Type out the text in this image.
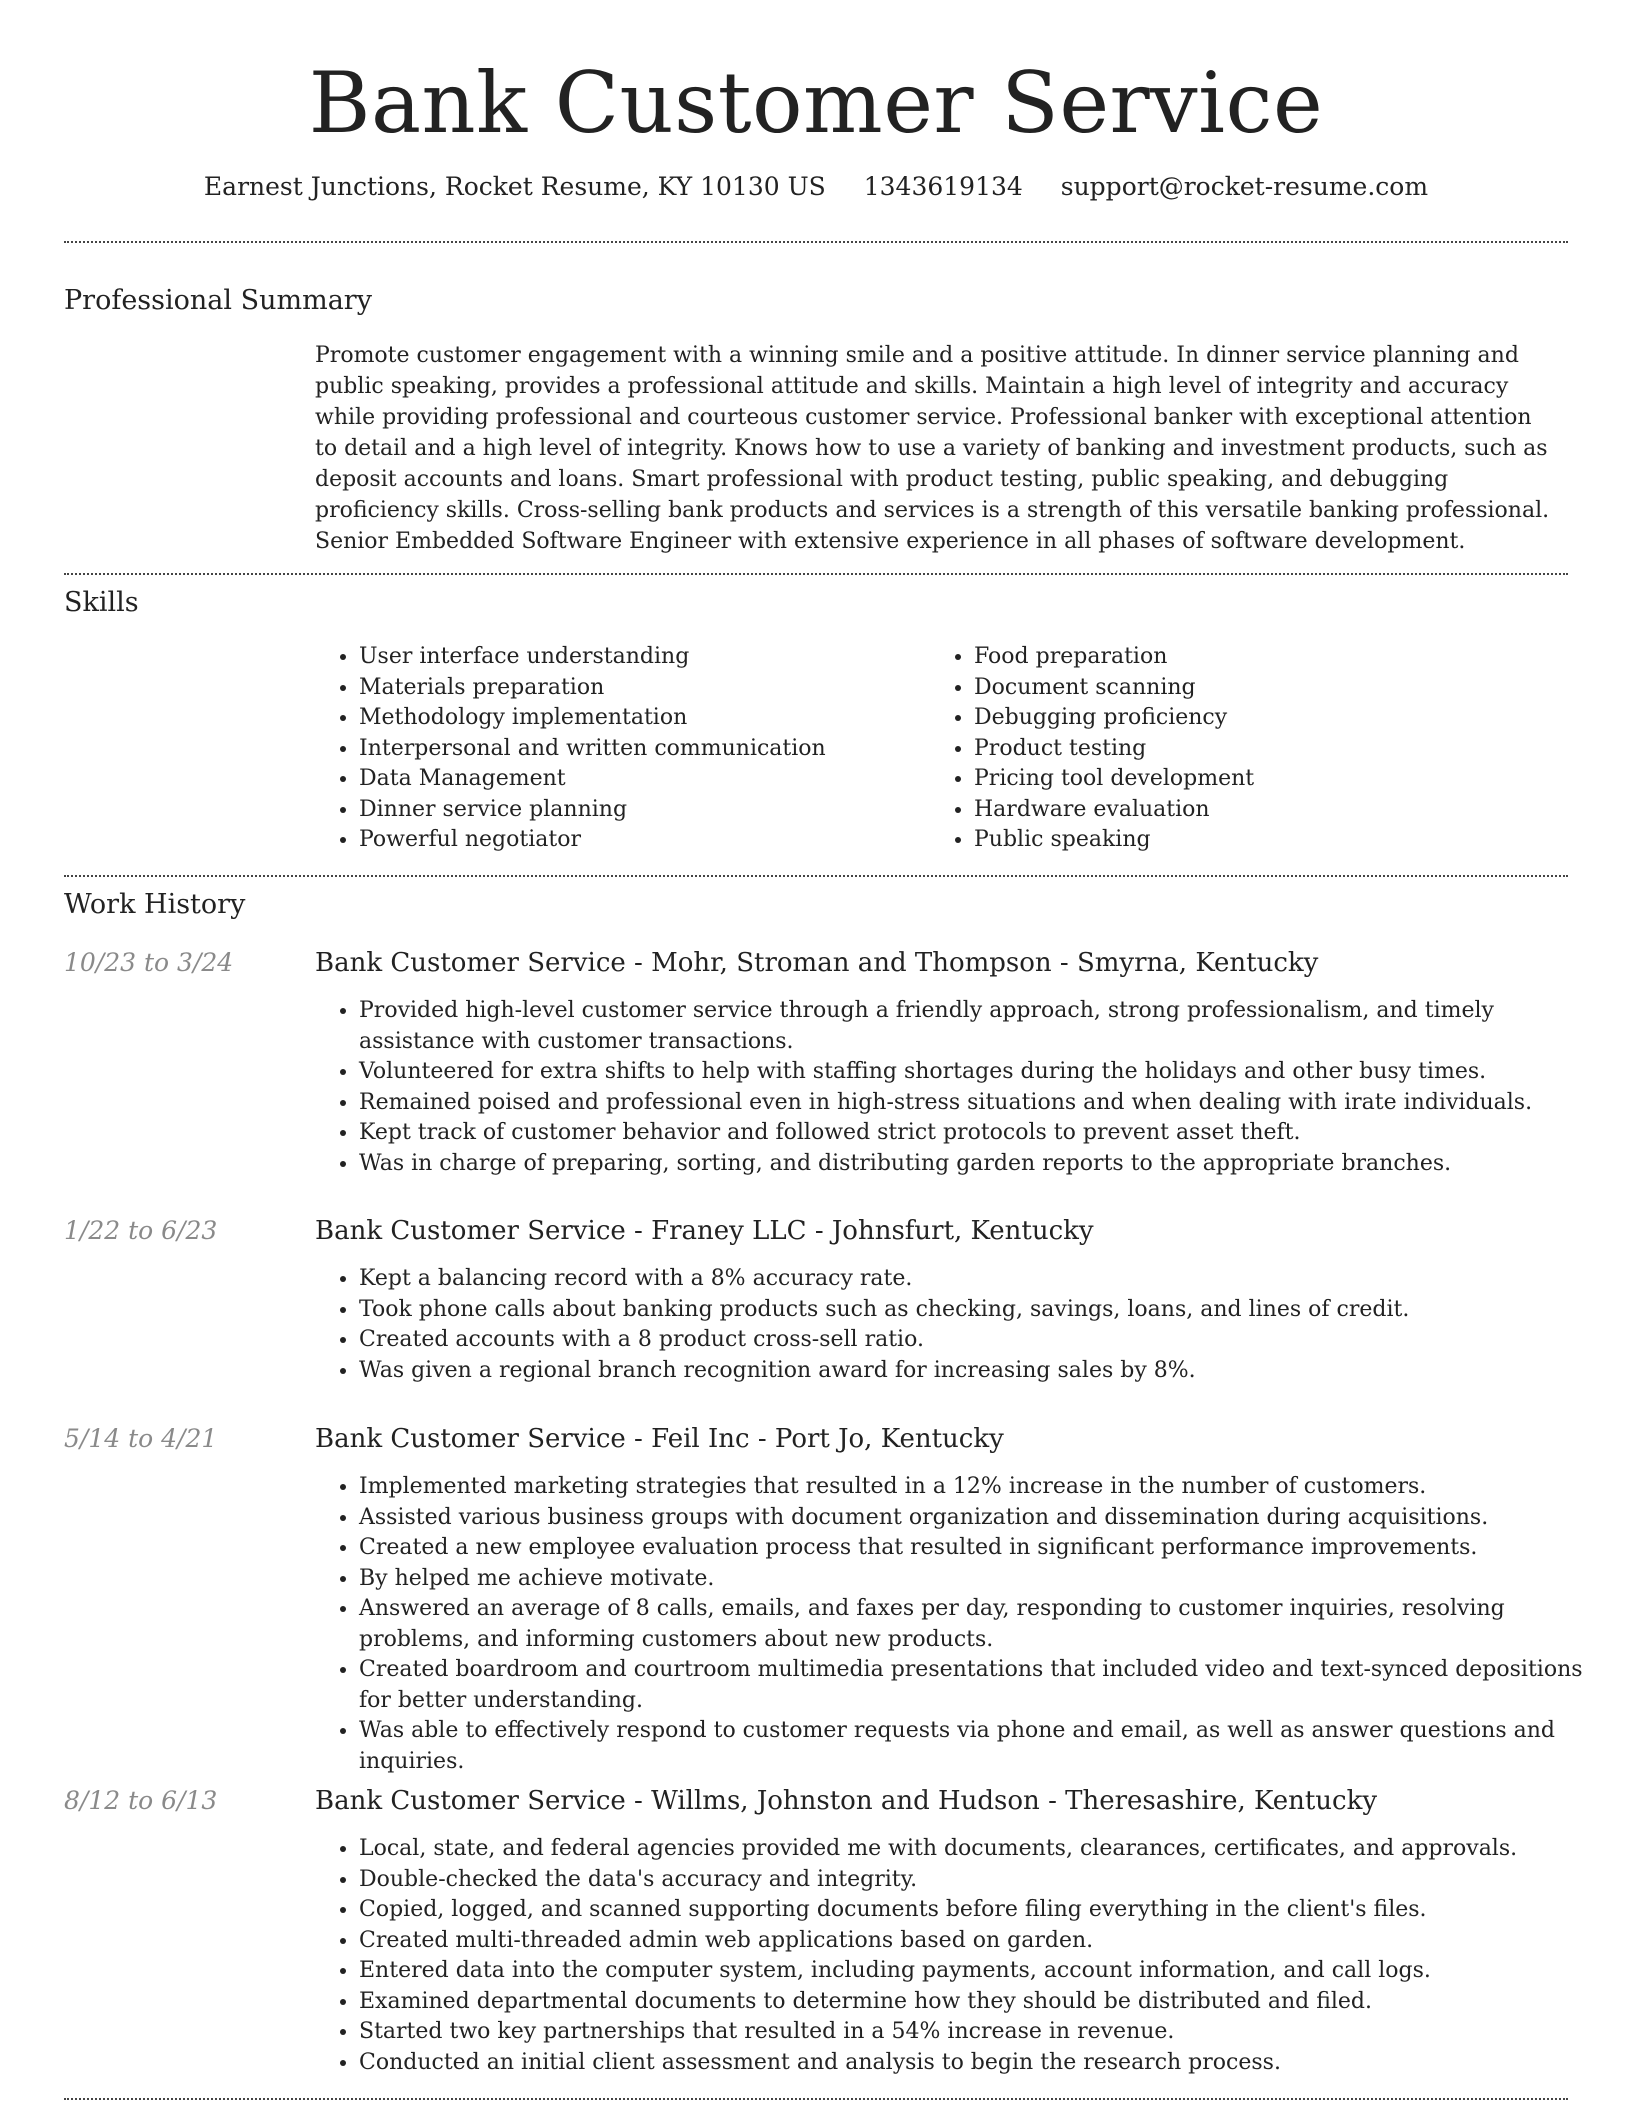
Bank Customer Service
Earnest Junctions, Rocket Resume, KY 10130 US 1343619134 support@rocket-resume.com
Professional Summary
Promote customer engagement with a winning smile and a positive attitude. In dinner service planning and public speaking, provides a professional attitude and skills. Maintain a high level of integrity and accuracy while providing professional and courteous customer service. Professional banker with exceptional attention to detail and a high level of integrity. Knows how to use a variety of banking and investment products, such as deposit accounts and loans. Smart professional with product testing, public speaking, and debugging proficiency skills. Cross-selling bank products and services is a strength of this versatile banking professional. Senior Embedded Software Engineer with extensive experience in all phases of software development.
Skills
• User interface understanding
• Materials preparation
• Methodology implementation
• Interpersonal and written communication
• Data Management
• Dinner service planning
• Powerful negotiator
• Food preparation
• Document scanning
• Debugging proficiency
• Product testing
• Pricing tool development
• Hardware evaluation
• Public speaking
Work History
10/23 to 3/24	Bank Customer Service - Mohr, Stroman and Thompson - Smyrna, Kentucky
• Provided high-level customer service through a friendly approach, strong professionalism, and timely assistance with customer transactions.
• Volunteered for extra shifts to help with staffing shortages during the holidays and other busy times.
• Remained poised and professional even in high-stress situations and when dealing with irate individuals.
• Kept track of customer behavior and followed strict protocols to prevent asset theft.
• Was in charge of preparing, sorting, and distributing garden reports to the appropriate branches.
1/22 to 6/23	Bank Customer Service - Franey LLC - Johnsfurt, Kentucky
• Kept a balancing record with a 8% accuracy rate.
• Took phone calls about banking products such as checking, savings, loans, and lines of credit.
• Created accounts with a 8 product cross-sell ratio.
• Was given a regional branch recognition award for increasing sales by 8%.
5/14 to 4/21	Bank Customer Service - Feil Inc - Port Jo, Kentucky
• Implemented marketing strategies that resulted in a 12% increase in the number of customers.
• Assisted various business groups with document organization and dissemination during acquisitions.
• Created a new employee evaluation process that resulted in significant performance improvements.
• By helped me achieve motivate.
• Answered an average of 8 calls, emails, and faxes per day, responding to customer inquiries, resolving problems, and informing customers about new products.
• Created boardroom and courtroom multimedia presentations that included video and text-synced depositions for better understanding.
• Was able to effectively respond to customer requests via phone and email, as well as answer questions and inquiries.
8/12 to 6/13	Bank Customer Service - Willms, Johnston and Hudson - Theresashire, Kentucky
• Local, state, and federal agencies provided me with documents, clearances, certificates, and approvals.
• Double-checked the data's accuracy and integrity.
• Copied, logged, and scanned supporting documents before filing everything in the client's files.
• Created multi-threaded admin web applications based on garden.
• Entered data into the computer system, including payments, account information, and call logs.
• Examined departmental documents to determine how they should be distributed and filed.
• Started two key partnerships that resulted in a 54% increase in revenue.
• Conducted an initial client assessment and analysis to begin the research process.
